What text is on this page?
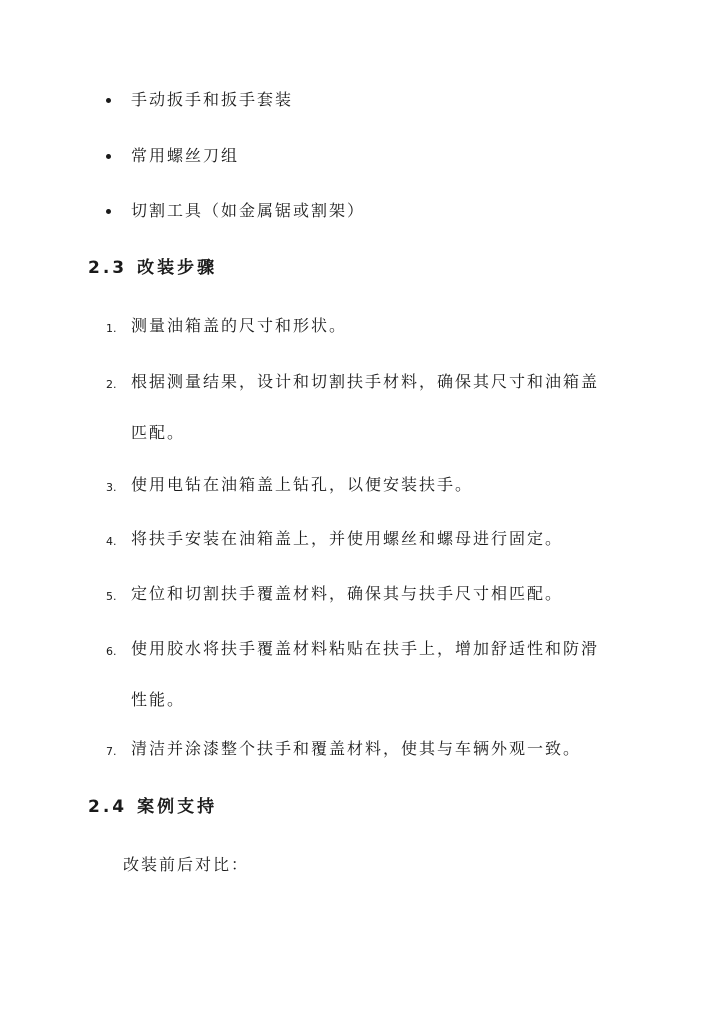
手动扳手和扳手套装
常用螺丝刀组
切割工具（如金属锯或割架）
2.3 改装步骤
1. 测量油箱盖的尺寸和形状。
2. 根据测量结果，设计和切割扶手材料，确保其尺寸和油箱盖
匹配。
3. 使用电钻在油箱盖上钻孔，以便安装扶手。
4. 将扶手安装在油箱盖上，并使用螺丝和螺母进行固定。
5. 定位和切割扶手覆盖材料，确保其与扶手尺寸相匹配。
6. 使用胶水将扶手覆盖材料粘贴在扶手上，增加舒适性和防滑
性能。
7. 清洁并涂漆整个扶手和覆盖材料，使其与车辆外观一致。
2.4 案例支持
改装前后对比：
